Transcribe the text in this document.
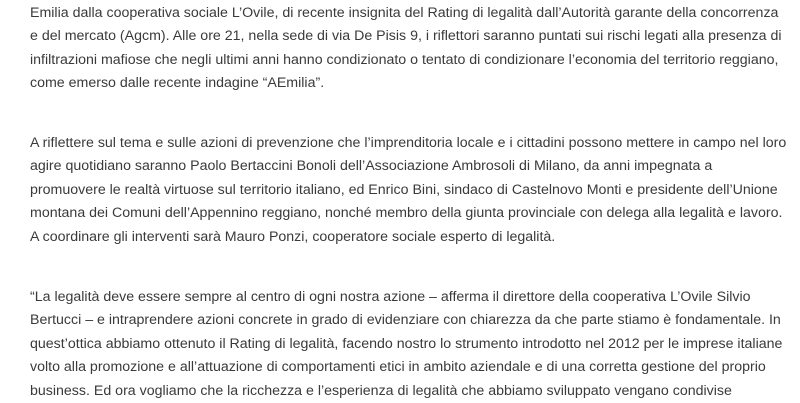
Emilia dalla cooperativa sociale L’Ovile, di recente insignita del Rating di legalità dall’Autorità garante della concorrenza
e del mercato (Agcm). Alle ore 21, nella sede di via De Pisis 9, i riflettori saranno puntati sui rischi legati alla presenza di
infiltrazioni mafiose che negli ultimi anni hanno condizionato o tentato di condizionare l’economia del territorio reggiano,
come emerso dalle recente indagine “AEmilia”.
A riflettere sul tema e sulle azioni di prevenzione che l’imprenditoria locale e i cittadini possono mettere in campo nel loro
agire quotidiano saranno Paolo Bertaccini Bonoli dell’Associazione Ambrosoli di Milano, da anni impegnata a
promuovere le realtà virtuose sul territorio italiano, ed Enrico Bini, sindaco di Castelnovo Monti e presidente dell’Unione
montana dei Comuni dell’Appennino reggiano, nonché membro della giunta provinciale con delega alla legalità e lavoro.
A coordinare gli interventi sarà Mauro Ponzi, cooperatore sociale esperto di legalità.
“La legalità deve essere sempre al centro di ogni nostra azione – afferma il direttore della cooperativa L’Ovile Silvio
Bertucci – e intraprendere azioni concrete in grado di evidenziare con chiarezza da che parte stiamo è fondamentale. In
quest’ottica abbiamo ottenuto il Rating di legalità, facendo nostro lo strumento introdotto nel 2012 per le imprese italiane
volto alla promozione e all’attuazione di comportamenti etici in ambito aziendale e di una corretta gestione del proprio
business. Ed ora vogliamo che la ricchezza e l’esperienza di legalità che abbiamo sviluppato vengano condivise
